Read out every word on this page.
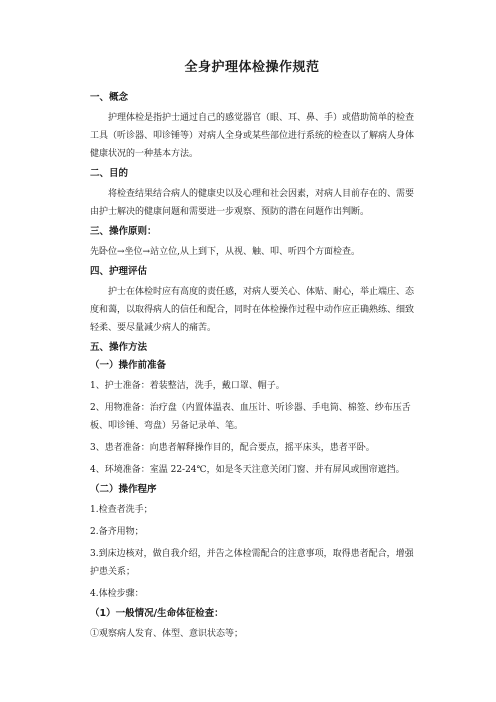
全身护理体检操作规范
一、概念
护理体检是指护士通过自己的感觉器官（眼、耳、鼻、手）或借助简单的检查工具（听诊器、叩诊锤等）对病人全身或某些部位进行系统的检查以了解病人身体健康状况的一种基本方法。
二、目的
将检查结果结合病人的健康史以及心理和社会因素，对病人目前存在的、需要由护士解决的健康问题和需要进一步观察、预防的潜在问题作出判断。
三、操作原则：
先卧位→坐位→站立位,从上到下，从视、触、叩、听四个方面检查。
四、护理评估
护士在体检时应有高度的责任感，对病人要关心、体贴、耐心，举止端庄、态度和蔼，以取得病人的信任和配合，同时在体检操作过程中动作应正确熟练、细致轻柔、要尽量减少病人的痛苦。
五、操作方法
（一）操作前准备
1、护士准备：着装整洁，洗手，戴口罩、帽子。
2、用物准备：治疗盘（内置体温表、血压计、听诊器、手电筒、棉签、纱布压舌板、叩诊锤、弯盘）另备记录单、笔。
3、患者准备：向患者解释操作目的，配合要点，摇平床头，患者平卧。
4、环境准备：室温 22-24℃，如是冬天注意关闭门窗、并有屏风或围帘遮挡。
（二）操作程序
1.检查者洗手；
2.备齐用物；
3.到床边核对，做自我介绍，并告之体检需配合的注意事项，取得患者配合，增强护患关系；
4.体检步骤：
（1）一般情况/生命体征检查：
①观察病人发育、体型、意识状态等；
